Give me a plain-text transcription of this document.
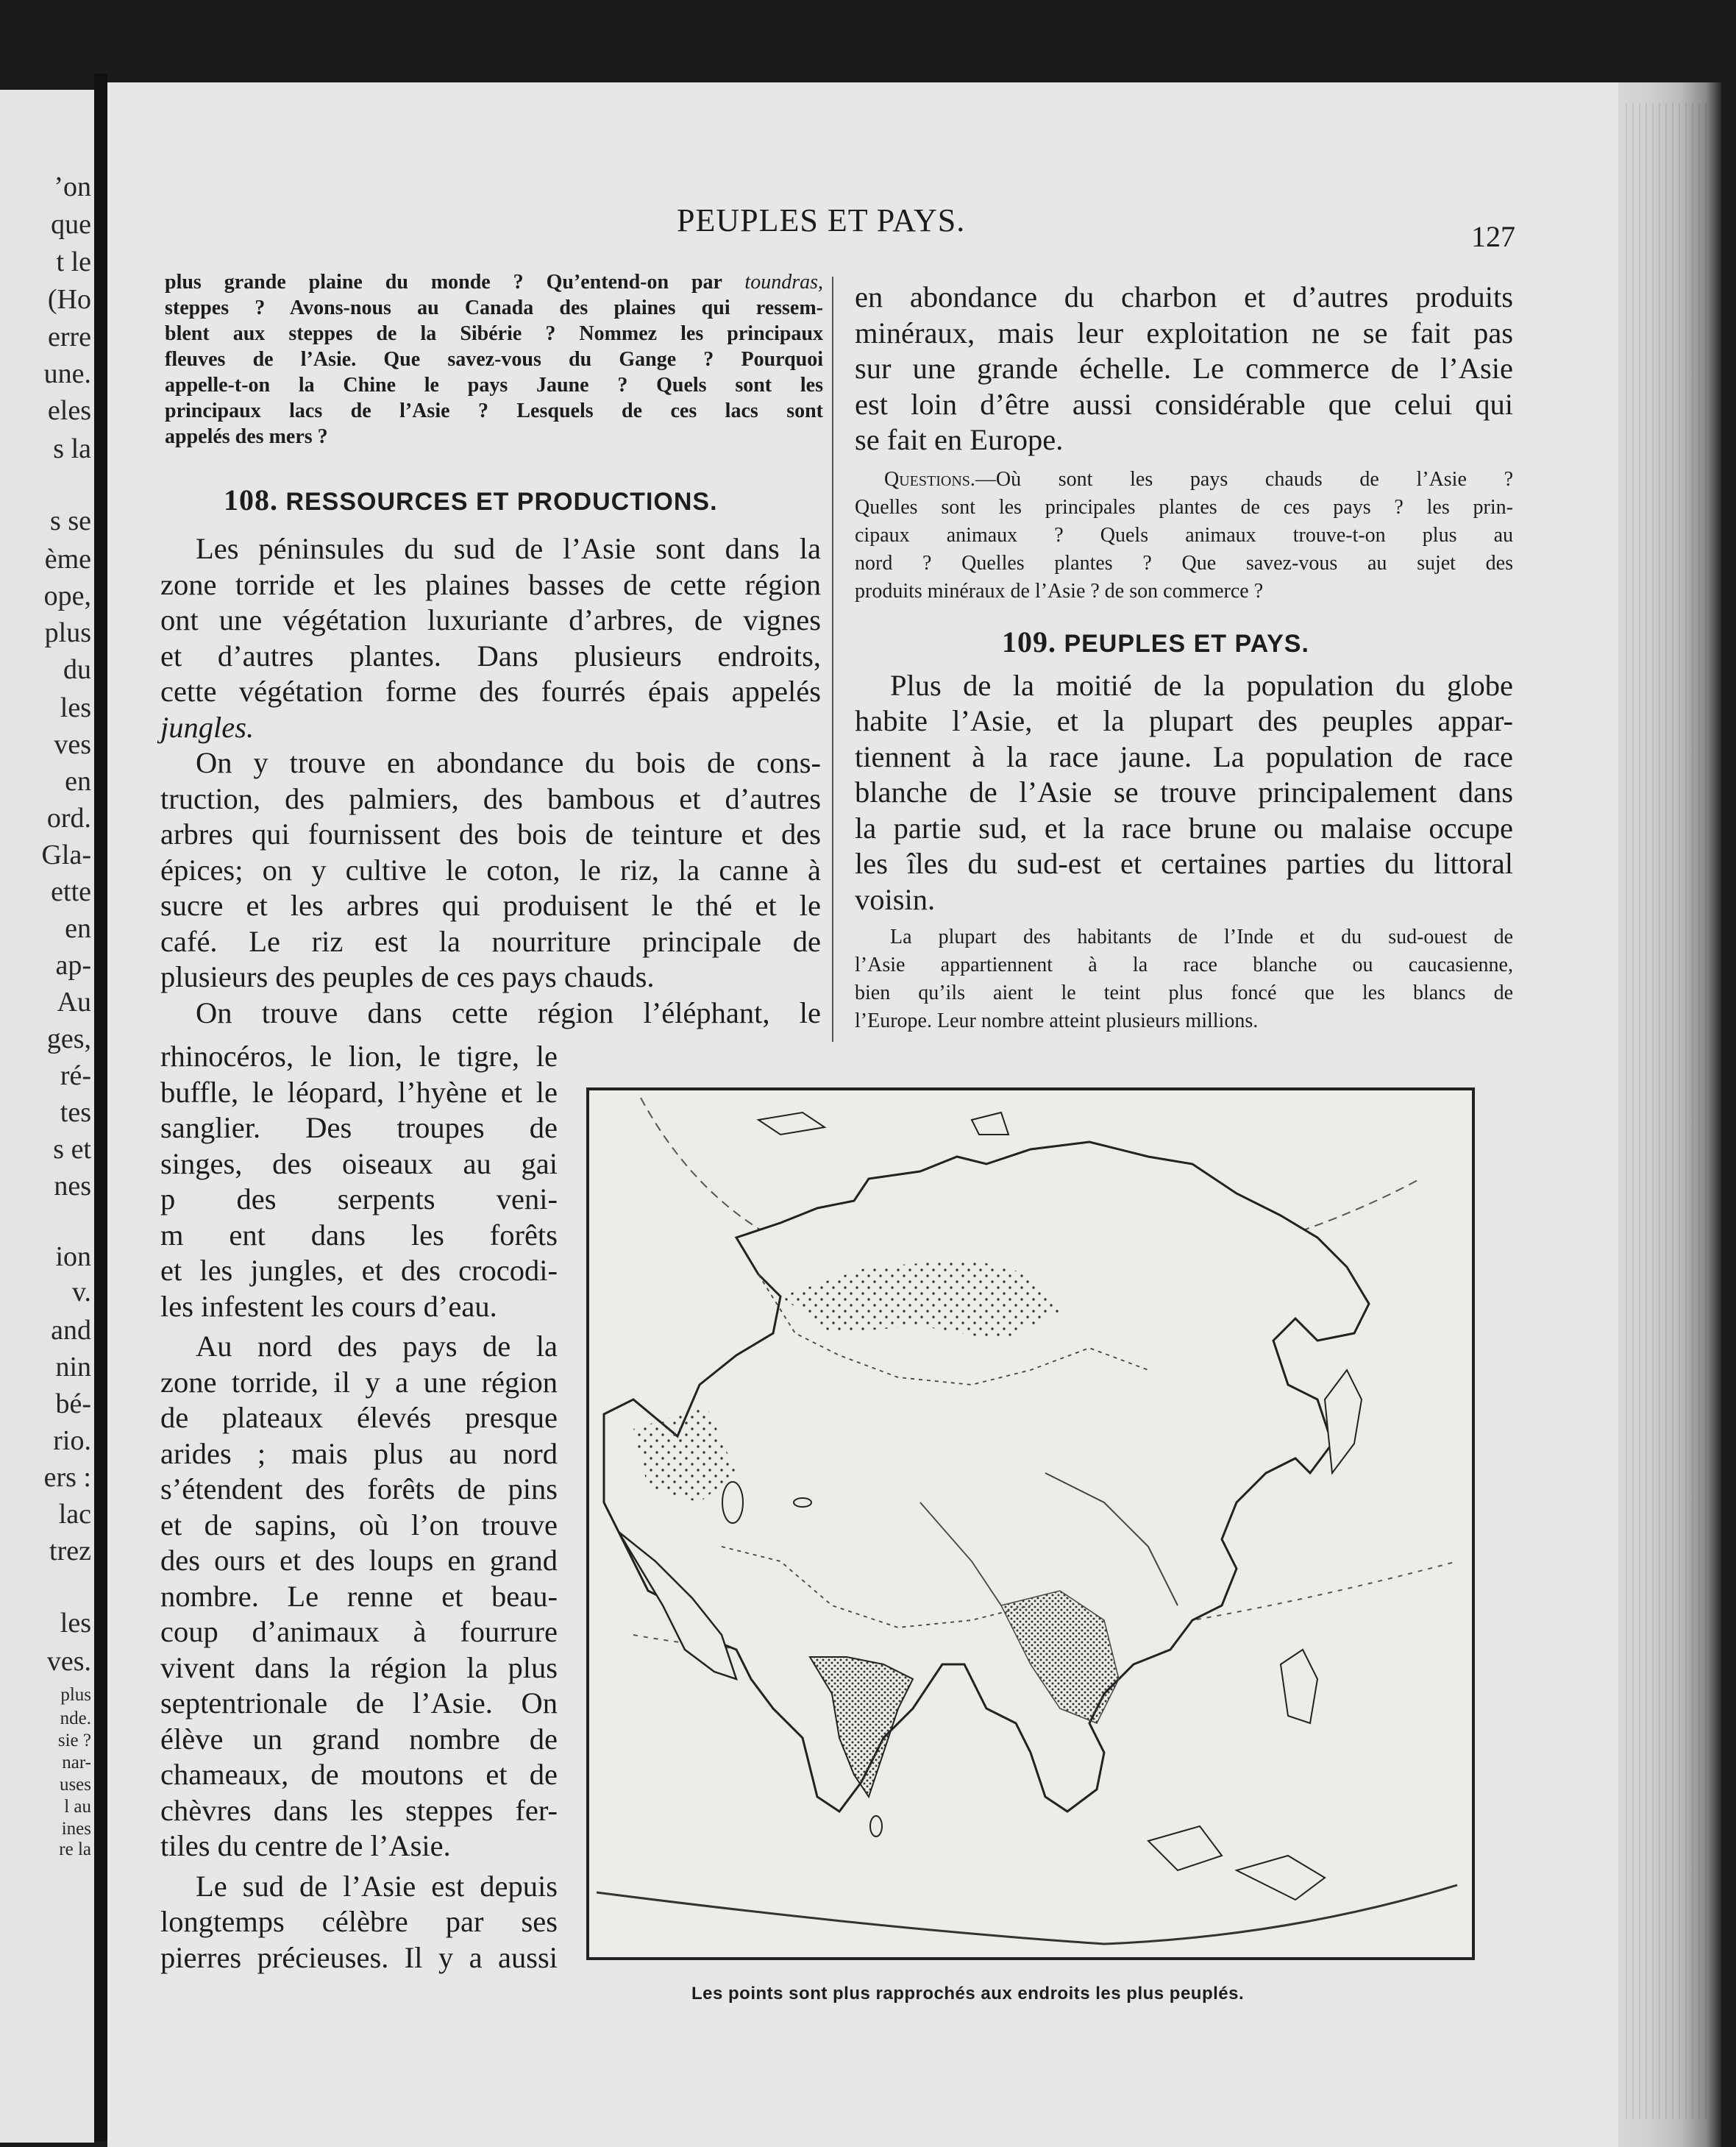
’on
que
t le
(Ho
erre
une.
eles
s la
s se
ème
ope,
plus
du
les
ves
en
ord.
Gla-
ette
en
ap-
Au
ges,
ré-
tes
s et
nes
ion
v.
and
nin
bé-
rio.
ers :
lac
trez
les
ves.
plus
nde.
sie ?
nar-
uses
l au
ines
re la
PEUPLES ET PAYS.	127
plus grande plaine du monde ? Qu’entend-on par toundras,
steppes ? Avons-nous au Canada des plaines qui ressem-
blent aux steppes de la Sibérie ? Nommez les principaux
fleuves de l’Asie. Que savez-vous du Gange ? Pourquoi
appelle-t-on la Chine le pays Jaune ? Quels sont les
principaux lacs de l’Asie ? Lesquels de ces lacs sont
appelés des mers ?
108. RESSOURCES ET PRODUCTIONS.
Les péninsules du sud de l’Asie sont dans la
zone torride et les plaines basses de cette région
ont une végétation luxuriante d’arbres, de vignes
et d’autres plantes. Dans plusieurs endroits,
cette végétation forme des fourrés épais appelés
jungles.
On y trouve en abondance du bois de cons-
truction, des palmiers, des bambous et d’autres
arbres qui fournissent des bois de teinture et des
épices; on y cultive le coton, le riz, la canne à
sucre et les arbres qui produisent le thé et le
café. Le riz est la nourriture principale de
plusieurs des peuples de ces pays chauds.
On trouve dans cette région l’éléphant, le
rhinocéros, le lion, le tigre, le
buffle, le léopard, l’hyène et le
sanglier. Des troupes de
singes, des oiseaux au gai
p des serpents veni-
m ent dans les forêts
et les jungles, et des crocodi-
les infestent les cours d’eau.
Au nord des pays de la
zone torride, il y a une région
de plateaux élevés presque
arides ; mais plus au nord
s’étendent des forêts de pins
et de sapins, où l’on trouve
des ours et des loups en grand
nombre. Le renne et beau-
coup d’animaux à fourrure
vivent dans la région la plus
septentrionale de l’Asie. On
élève un grand nombre de
chameaux, de moutons et de
chèvres dans les steppes fer-
tiles du centre de l’Asie.
Le sud de l’Asie est depuis
longtemps célèbre par ses
pierres précieuses. Il y a aussi
en abondance du charbon et d’autres produits
minéraux, mais leur exploitation ne se fait pas
sur une grande échelle. Le commerce de l’Asie
est loin d’être aussi considérable que celui qui
se fait en Europe.
Questions.—Où sont les pays chauds de l’Asie ?
Quelles sont les principales plantes de ces pays ? les prin-
cipaux animaux ? Quels animaux trouve-t-on plus au
nord ? Quelles plantes ? Que savez-vous au sujet des
produits minéraux de l’Asie ? de son commerce ?
109. PEUPLES ET PAYS.
Plus de la moitié de la population du globe
habite l’Asie, et la plupart des peuples appar-
tiennent à la race jaune. La population de race
blanche de l’Asie se trouve principalement dans
la partie sud, et la race brune ou malaise occupe
les îles du sud-est et certaines parties du littoral
voisin.
La plupart des habitants de l’Inde et du sud-ouest de
l’Asie appartiennent à la race blanche ou caucasienne,
bien qu’ils aient le teint plus foncé que les blancs de
l’Europe. Leur nombre atteint plusieurs millions.
Les points sont plus rapprochés aux endroits les plus peuplés.
